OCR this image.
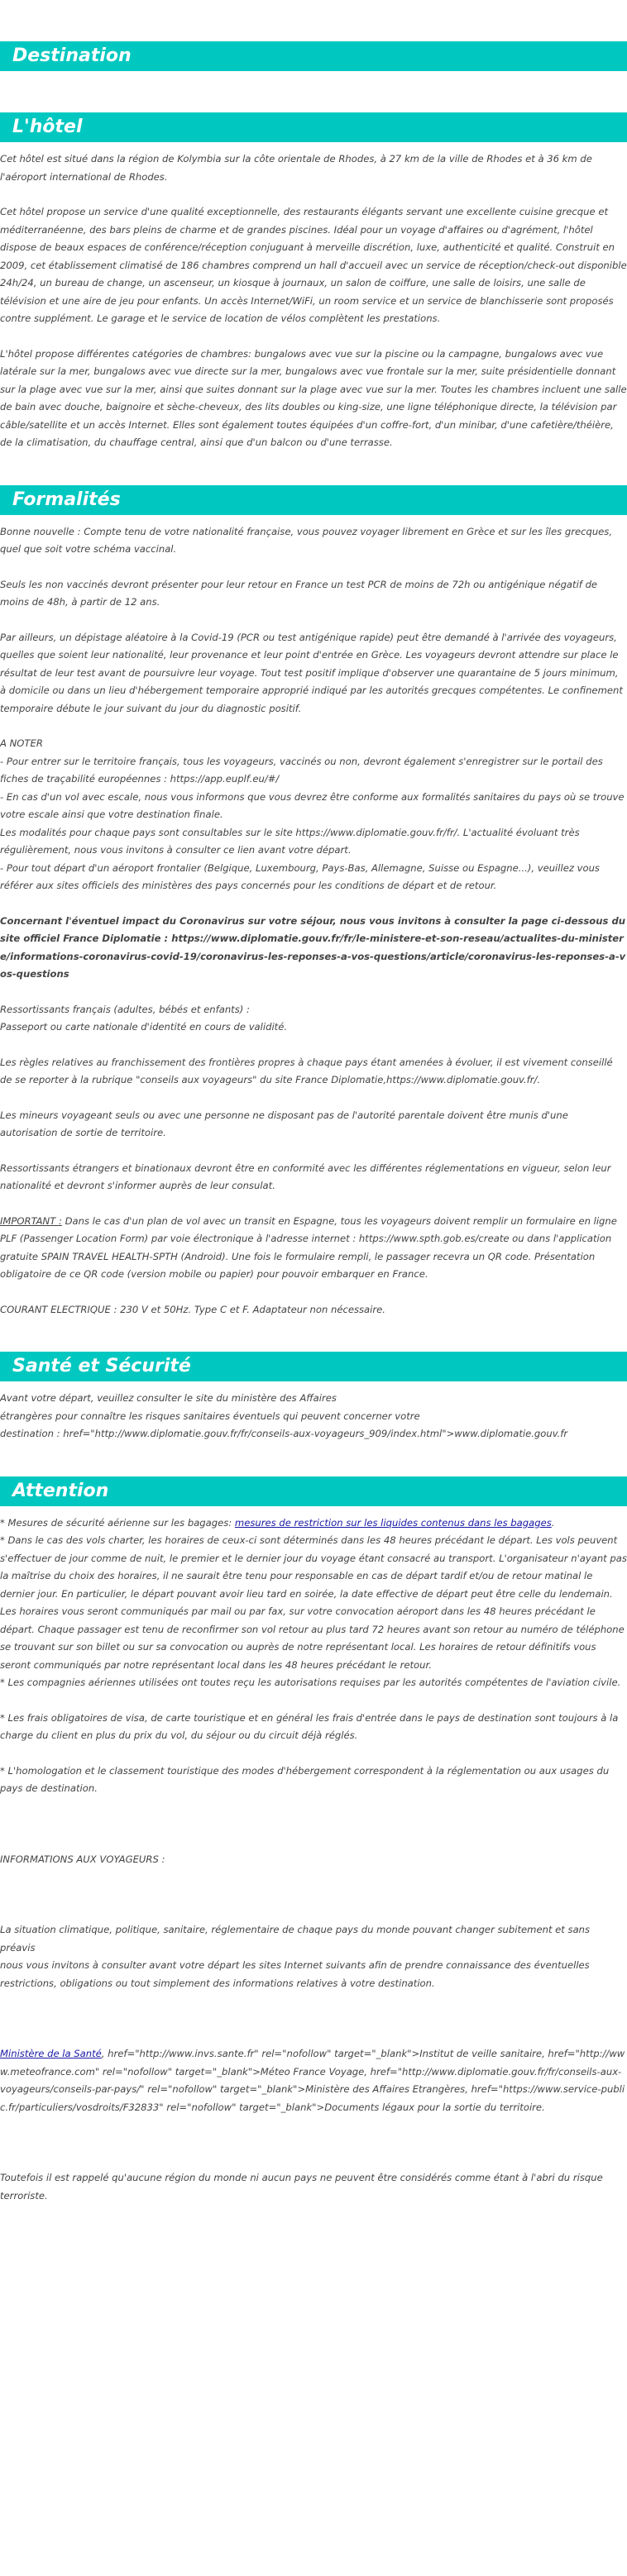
Destination
L'hôtel

Cet hôtel est situé dans la région de Kolymbia sur la côte orientale de Rhodes, à 27 km de la ville de Rhodes et à 36 km de l'aéroport international de Rhodes.

Cet hôtel propose un service d'une qualité exceptionnelle, des restaurants élégants servant une excellente cuisine grecque et méditerranéenne, des bars pleins de charme et de grandes piscines. Idéal pour un voyage d'affaires ou d'agrément, l'hôtel dispose de beaux espaces de conférence/réception conjuguant à merveille discrétion, luxe, authenticité et qualité. Construit en 2009, cet établissement climatisé de 186 chambres comprend un hall d'accueil avec un service de réception/check-out disponible 24h/24, un bureau de change, un ascenseur, un kiosque à journaux, un salon de coiffure, une salle de loisirs, une salle de télévision et une aire de jeu pour enfants. Un accès Internet/WiFi, un room service et un service de blanchisserie sont proposés contre supplément. Le garage et le service de location de vélos complètent les prestations.

L'hôtel propose différentes catégories de chambres: bungalows avec vue sur la piscine ou la campagne, bungalows avec vue latérale sur la mer, bungalows avec vue directe sur la mer, bungalows avec vue frontale sur la mer, suite présidentielle donnant sur la plage avec vue sur la mer, ainsi que suites donnant sur la plage avec vue sur la mer. Toutes les chambres incluent une salle de bain avec douche, baignoire et sèche-cheveux, des lits doubles ou king-size, une ligne téléphonique directe, la télévision par câble/satellite et un accès Internet. Elles sont également toutes équipées d'un coffre-fort, d'un minibar, d'une cafetière/théière, de la climatisation, du chauffage central, ainsi que d'un balcon ou d'une terrasse.

Formalités

Bonne nouvelle : Compte tenu de votre nationalité française, vous pouvez voyager librement en Grèce et sur les îles grecques, quel que soit votre schéma vaccinal.

Seuls les non vaccinés devront présenter pour leur retour en France un test PCR de moins de 72h ou antigénique négatif de moins de 48h, à partir de 12 ans.

Par ailleurs, un dépistage aléatoire à la Covid-19 (PCR ou test antigénique rapide) peut être demandé à l'arrivée des voyageurs, quelles que soient leur nationalité, leur provenance et leur point d'entrée en Grèce. Les voyageurs devront attendre sur place le résultat de leur test avant de poursuivre leur voyage. Tout test positif implique d'observer une quarantaine de 5 jours minimum, à domicile ou dans un lieu d'hébergement temporaire approprié indiqué par les autorités grecques compétentes. Le confinement temporaire débute le jour suivant du jour du diagnostic positif.

A NOTER

- Pour entrer sur le territoire français, tous les voyageurs, vaccinés ou non, devront également s'enregistrer sur le portail des fiches de traçabilité européennes : https://app.euplf.eu/#/

- En cas d'un vol avec escale, nous vous informons que vous devrez être conforme aux formalités sanitaires du pays où se trouve votre escale ainsi que votre destination finale.

Les modalités pour chaque pays sont consultables sur le site https://www.diplomatie.gouv.fr/fr/. L'actualité évoluant très régulièrement, nous vous invitons à consulter ce lien avant votre départ.

- Pour tout départ d'un aéroport frontalier (Belgique, Luxembourg, Pays-Bas, Allemagne, Suisse ou Espagne...), veuillez vous référer aux sites officiels des ministères des pays concernés pour les conditions de départ et de retour.

Concernant l'éventuel impact du Coronavirus sur votre séjour, nous vous invitons à consulter la page ci-dessous du site officiel France Diplomatie : https://www.diplomatie.gouv.fr/fr/le-ministere-et-son-reseau/actualites-du-ministere/informations-coronavirus-covid-19/coronavirus-les-reponses-a-vos-questions/article/coronavirus-les-reponses-a-vos-questions

Ressortissants français (adultes, bébés et enfants) :

Passeport ou carte nationale d'identité en cours de validité.

Les règles relatives au franchissement des frontières propres à chaque pays étant amenées à évoluer, il est vivement conseillé de se reporter à la rubrique "conseils aux voyageurs" du site France Diplomatie,https://www.diplomatie.gouv.fr/.

Les mineurs voyageant seuls ou avec une personne ne disposant pas de l'autorité parentale doivent être munis d'une autorisation de sortie de territoire.

Ressortissants étrangers et binationaux devront être en conformité avec les différentes réglementations en vigueur, selon leur nationalité et devront s'informer auprès de leur consulat.

IMPORTANT : Dans le cas d'un plan de vol avec un transit en Espagne, tous les voyageurs doivent remplir un formulaire en ligne PLF (Passenger Location Form) par voie électronique à l'adresse internet : https://www.spth.gob.es/create ou dans l'application gratuite SPAIN TRAVEL HEALTH-SPTH (Android). Une fois le formulaire rempli, le passager recevra un QR code. Présentation obligatoire de ce QR code (version mobile ou papier) pour pouvoir embarquer en France.

COURANT ELECTRIQUE : 230 V et 50Hz. Type C et F. Adaptateur non nécessaire.

Santé et Sécurité

Avant votre départ, veuillez consulter le site du ministère des Affaires

étrangères pour connaître les risques sanitaires éventuels qui peuvent concerner votre

destination : href="http://www.diplomatie.gouv.fr/fr/conseils-aux-voyageurs_909/index.html">www.diplomatie.gouv.fr

Attention

* Mesures de sécurité aérienne sur les bagages: mesures de restriction sur les liquides contenus dans les bagages.

* Dans le cas des vols charter, les horaires de ceux-ci sont déterminés dans les 48 heures précédant le départ. Les vols peuvent s'effectuer de jour comme de nuit, le premier et le dernier jour du voyage étant consacré au transport. L'organisateur n'ayant pas la maîtrise du choix des horaires, il ne saurait être tenu pour responsable en cas de départ tardif et/ou de retour matinal le dernier jour. En particulier, le départ pouvant avoir lieu tard en soirée, la date effective de départ peut être celle du lendemain. Les horaires vous seront communiqués par mail ou par fax, sur votre convocation aéroport dans les 48 heures précédant le départ. Chaque passager est tenu de reconfirmer son vol retour au plus tard 72 heures avant son retour au numéro de téléphone se trouvant sur son billet ou sur sa convocation ou auprès de notre représentant local. Les horaires de retour définitifs vous seront communiqués par notre représentant local dans les 48 heures précédant le retour.

* Les compagnies aériennes utilisées ont toutes reçu les autorisations requises par les autorités compétentes de l'aviation civile.

* Les frais obligatoires de visa, de carte touristique et en général les frais d'entrée dans le pays de destination sont toujours à la charge du client en plus du prix du vol, du séjour ou du circuit déjà réglés.

* L'homologation et le classement touristique des modes d'hébergement correspondent à la réglementation ou aux usages du pays de destination.

INFORMATIONS AUX VOYAGEURS :

La situation climatique, politique, sanitaire, réglementaire de chaque pays du monde pouvant changer subitement et sans préavis

nous vous invitons à consulter avant votre départ les sites Internet suivants afin de prendre connaissance des éventuelles restrictions, obligations ou tout simplement des informations relatives à votre destination.

Ministère de la Santé, href="http://www.invs.sante.fr" rel="nofollow" target="_blank">Institut de veille sanitaire, href="http://www.meteofrance.com" rel="nofollow" target="_blank">Méteo France Voyage, href="http://www.diplomatie.gouv.fr/fr/conseils-aux-voyageurs/conseils-par-pays/" rel="nofollow" target="_blank">Ministère des Affaires Etrangères, href="https://www.service-public.fr/particuliers/vosdroits/F32833" rel="nofollow" target="_blank">Documents légaux pour la sortie du territoire.

Toutefois il est rappelé qu'aucune région du monde ni aucun pays ne peuvent être considérés comme étant à l'abri du risque terroriste.
